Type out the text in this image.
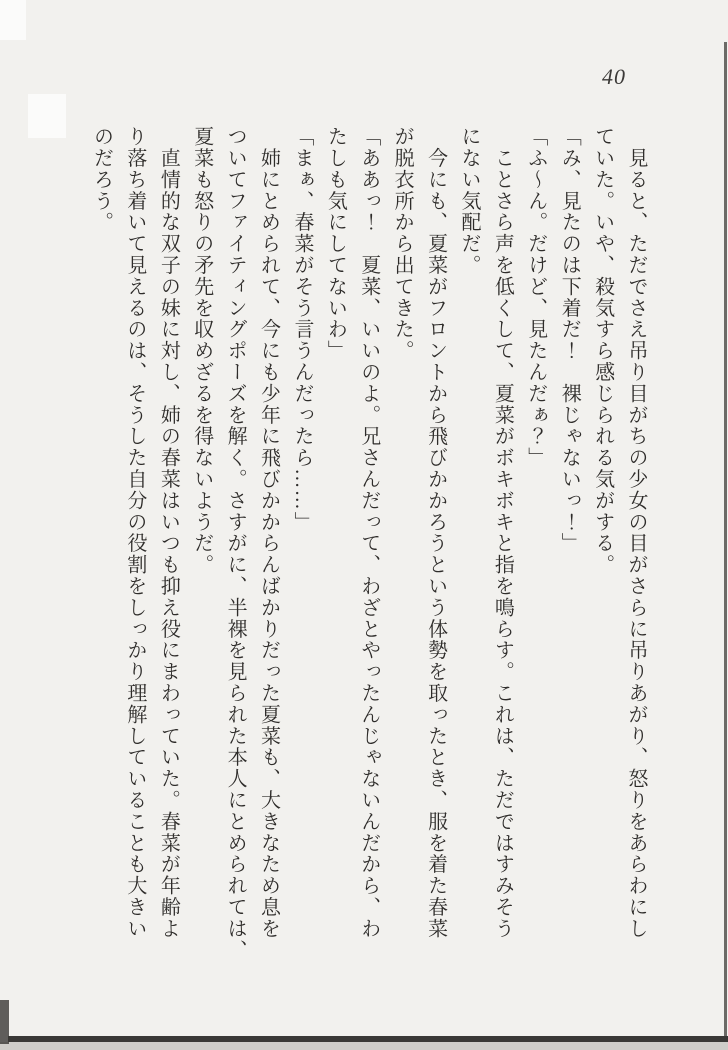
40

　見ると、ただでさえ吊り目がちの少女の目がさらに吊りあがり、怒りをあらわにし

ていた。いや、殺気すら感じられる気がする。

「み、見たのは下着だ！　裸じゃないっ！」

「ふ～ん。だけど、見たんだぁ？」

　ことさら声を低くして、夏菜がボキボキと指を鳴らす。これは、ただではすみそう

にない気配だ。

　今にも、夏菜がフロントから飛びかかろうという体勢を取ったとき、服を着た春菜

が脱衣所から出てきた。

「ああっ！　夏菜、いいのよ。兄さんだって、わざとやったんじゃないんだから、わ

たしも気にしてないわ」

「まぁ、春菜がそう言うんだったら……」

　姉にとめられて、今にも少年に飛びかからんばかりだった夏菜も、大きなため息を

ついてファイティングポーズを解く。さすがに、半裸を見られた本人にとめられては、

夏菜も怒りの矛先を収めざるを得ないようだ。

　直情的な双子の妹に対し、姉の春菜はいつも抑え役にまわっていた。春菜が年齢よ

り落ち着いて見えるのは、そうした自分の役割をしっかり理解していることも大きい

のだろう。
